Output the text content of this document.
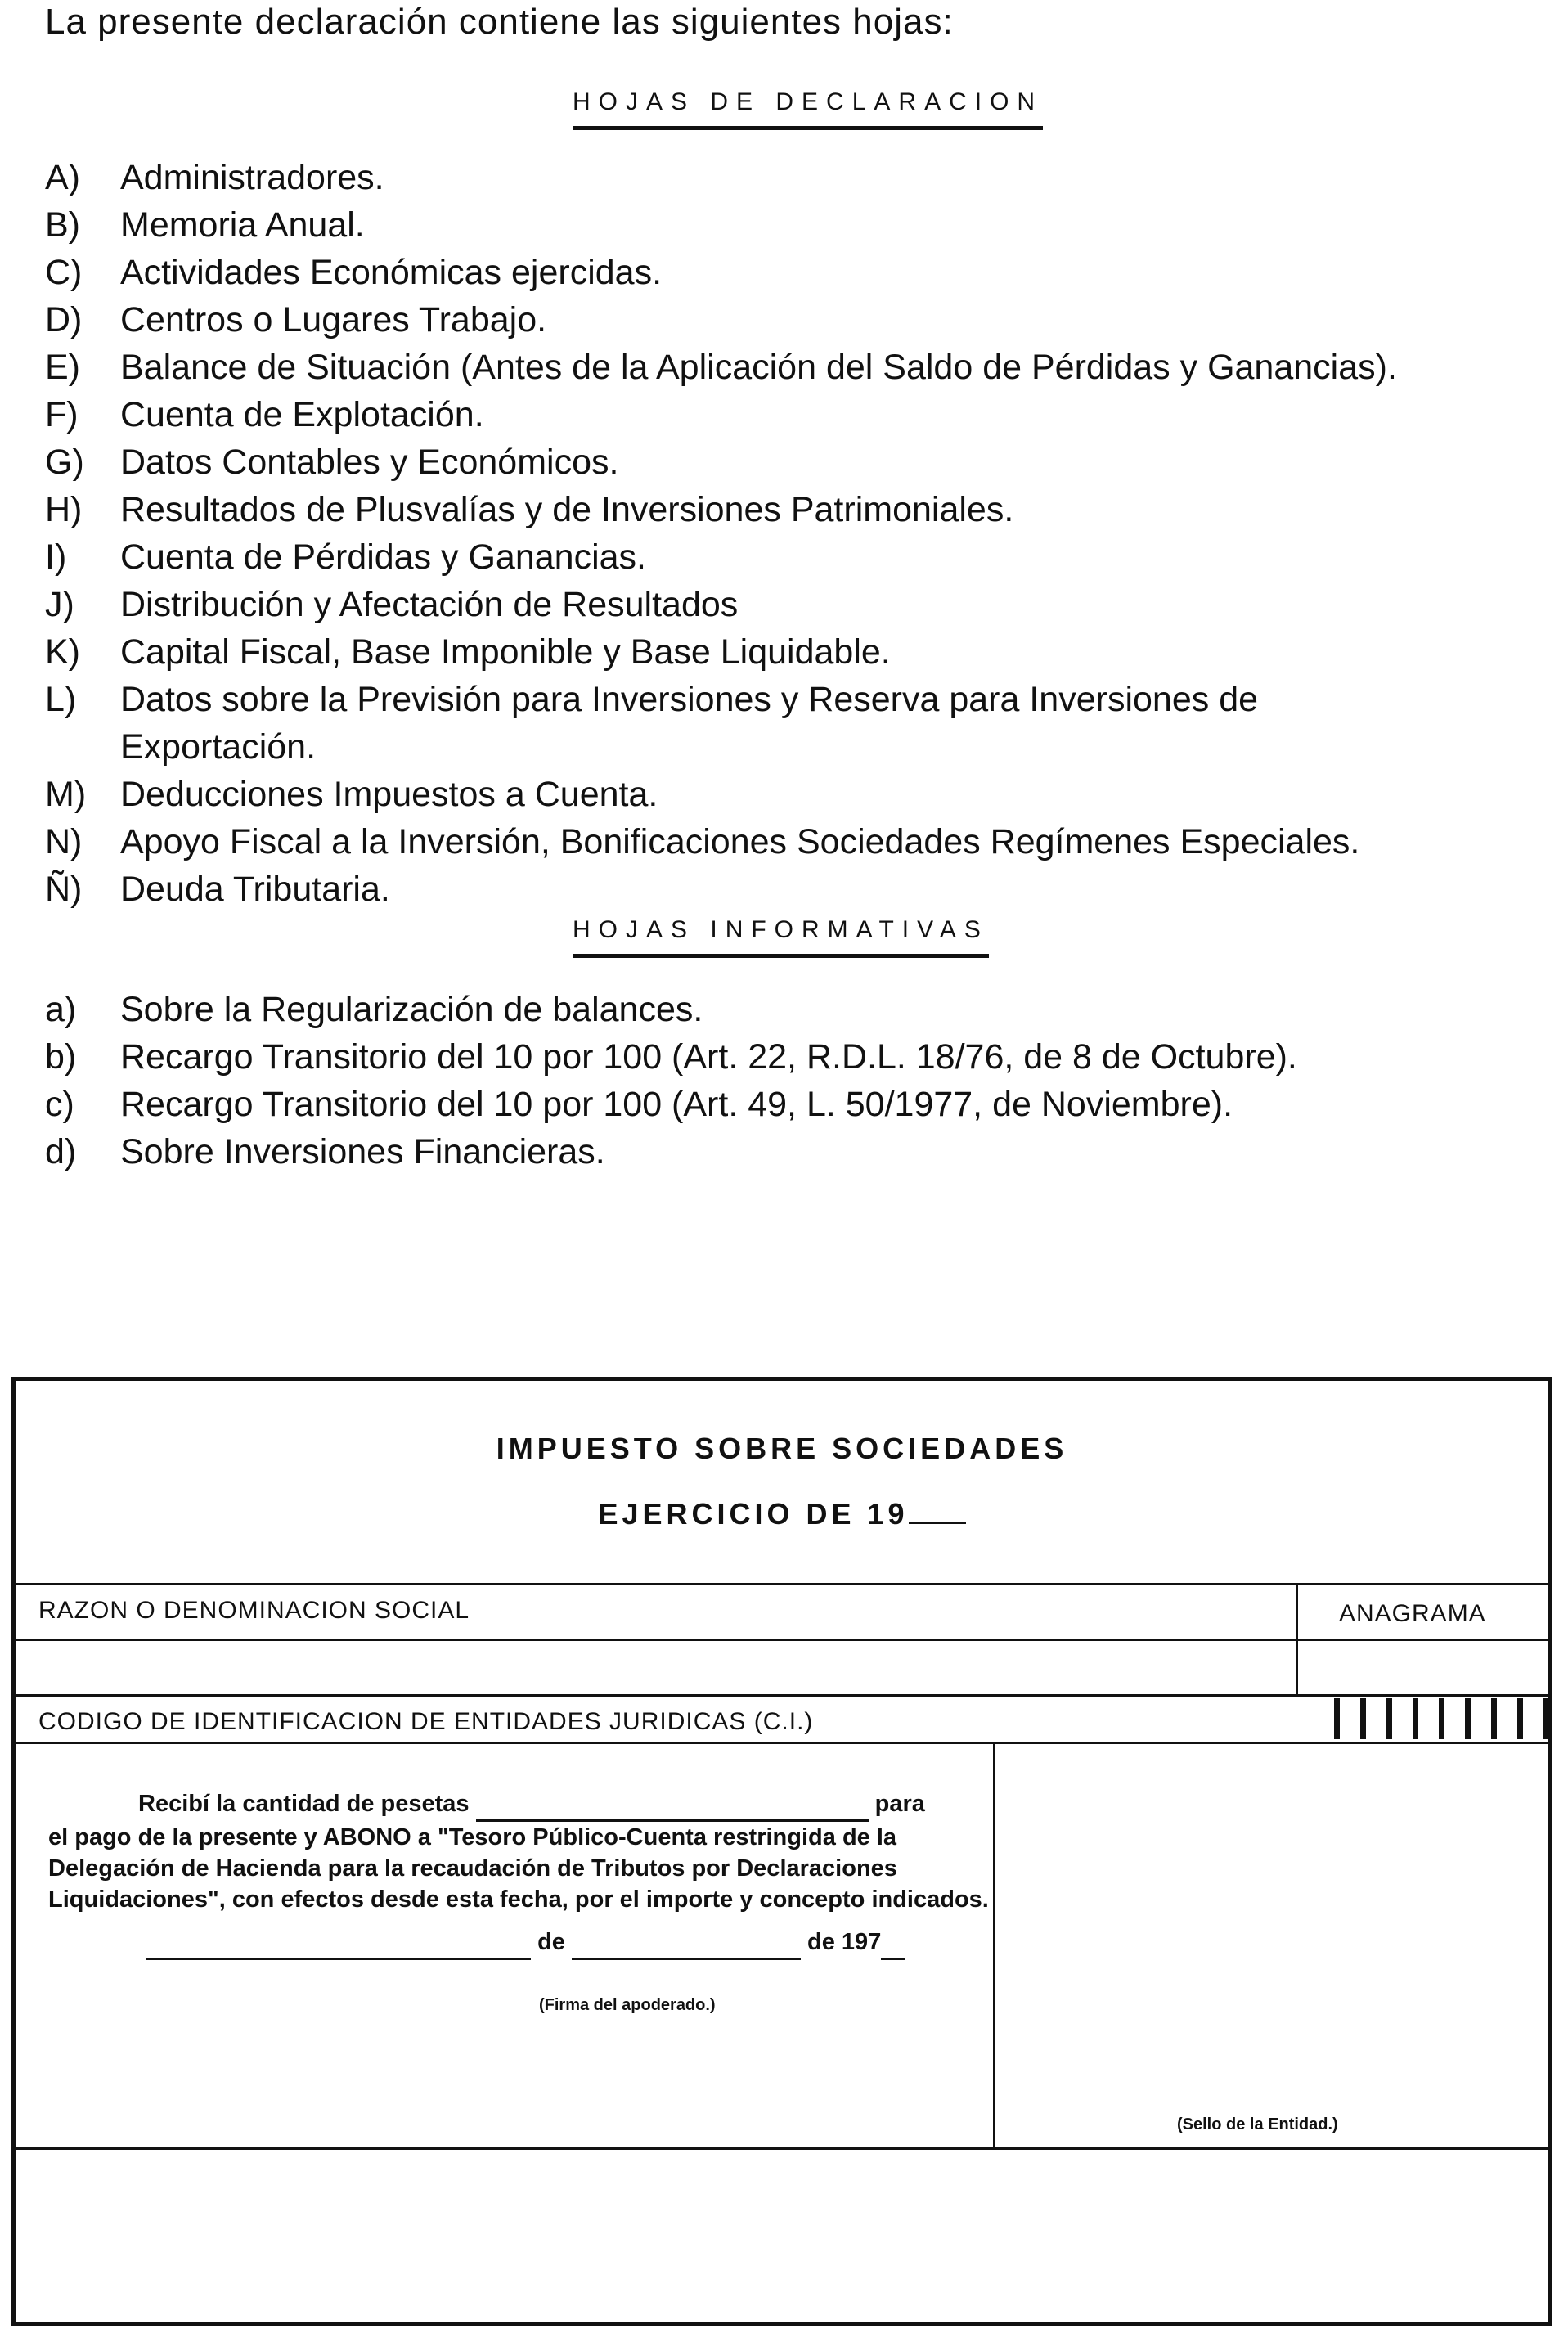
La presente declaración contiene las siguientes hojas:
HOJAS DE DECLARACION
A)	Administradores.
B)	Memoria Anual.
C)	Actividades Económicas ejercidas.
D)	Centros o Lugares Trabajo.
E)	Balance de Situación (Antes de la Aplicación del Saldo de Pérdidas y Ganancias).
F)	Cuenta de Explotación.
G)	Datos Contables y Económicos.
H)	Resultados de Plusvalías y de Inversiones Patrimoniales.
I)	Cuenta de Pérdidas y Ganancias.
J)	Distribución y Afectación de Resultados
K)	Capital Fiscal, Base Imponible y Base Liquidable.
L)	Datos sobre la Previsión para Inversiones y Reserva para Inversiones de Exportación.
M) Deducciones Impuestos a Cuenta.
N)	Apoyo Fiscal a la Inversión, Bonificaciones Sociedades Regímenes Especiales.
Ñ)	Deuda Tributaria.
HOJAS INFORMATIVAS
a)	Sobre la Regularización de balances.
b)	Recargo Transitorio del 10 por 100 (Art. 22, R.D.L. 18/76, de 8 de Octubre).
c)	Recargo Transitorio del 10 por 100 (Art. 49, L. 50/1977, de Noviembre).
d)	Sobre Inversiones Financieras.
IMPUESTO SOBRE SOCIEDADES
EJERCICIO DE 19
RAZON O DENOMINACION SOCIAL	ANAGRAMA
CODIGO DE IDENTIFICACION DE ENTIDADES JURIDICAS (C.I.)
Recibí la cantidad de pesetas	para
el pago de la presente y ABONO a "Tesoro Público-Cuenta restringida de la Delegación de Hacienda para la recaudación de Tributos por Declaraciones Liquidaciones", con efectos desde esta fecha, por el importe y concepto indicados.
de	de 197
(Firma del apoderado.)
(Sello de la Entidad.)
